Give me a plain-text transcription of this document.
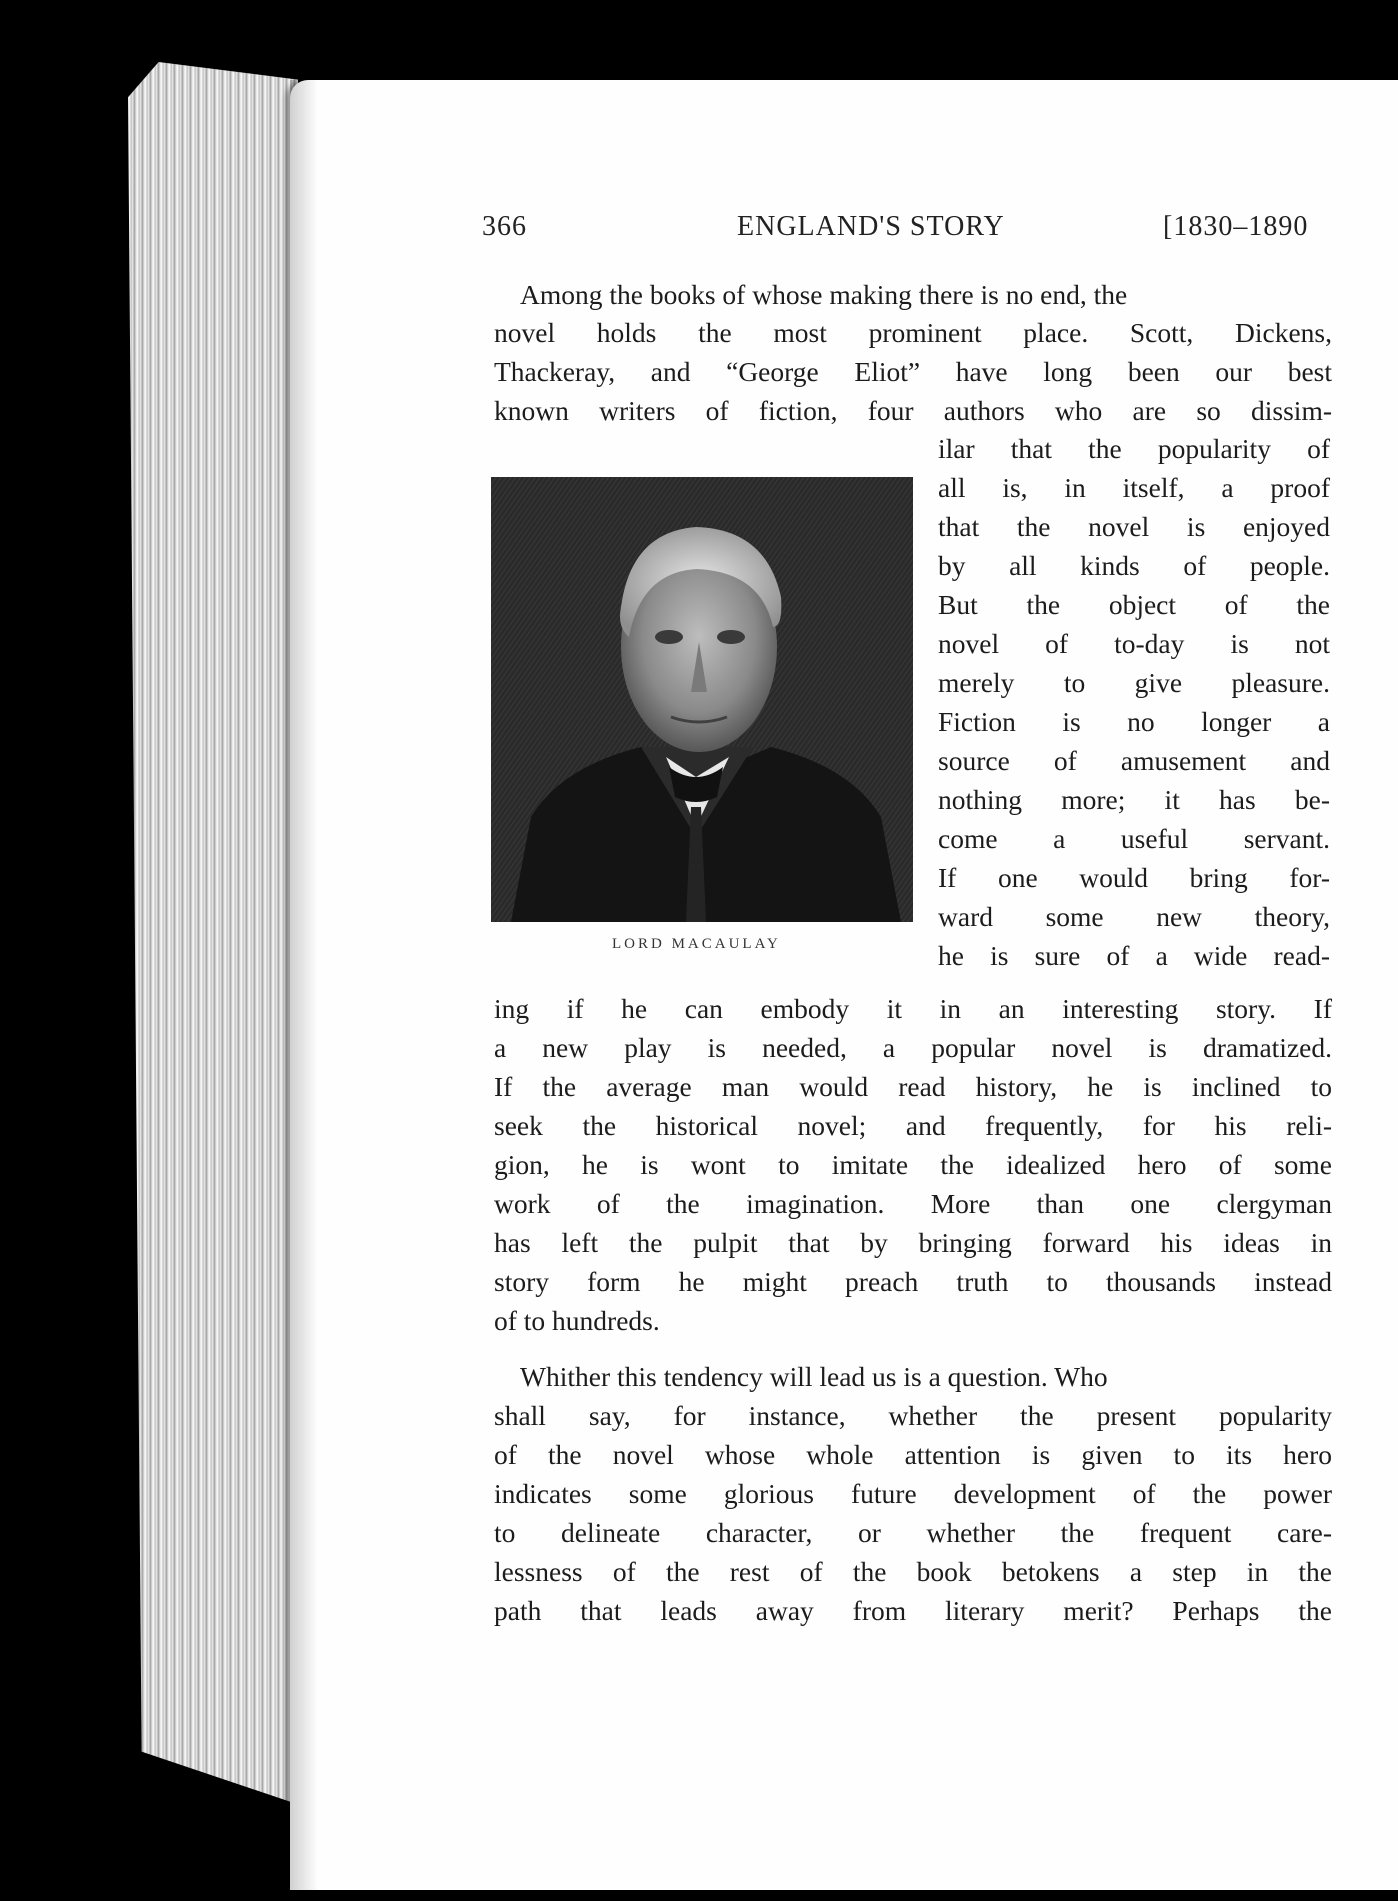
366	ENGLAND'S STORY	[1830–1890

Among the books of whose making there is no end, the

novel holds the most prominent place. Scott, Dickens,

Thackeray, and “George Eliot” have long been our best

known writers of fiction, four authors who are so dissim-

ilar that the popularity of

all is, in itself, a proof

that the novel is enjoyed

by all kinds of people.

But the object of the

novel of to-day is not

merely to give pleasure.

Fiction is no longer a

source of amusement and

nothing more; it has be-

come a useful servant.

If one would bring for-

ward some new theory,

he is sure of a wide read-

ing if he can embody it in an interesting story. If

a new play is needed, a popular novel is dramatized.

If the average man would read history, he is inclined to

seek the historical novel; and frequently, for his reli-

gion, he is wont to imitate the idealized hero of some

work of the imagination. More than one clergyman

has left the pulpit that by bringing forward his ideas in

story form he might preach truth to thousands instead

of to hundreds.

Whither this tendency will lead us is a question. Who

shall say, for instance, whether the present popularity

of the novel whose whole attention is given to its hero

indicates some glorious future development of the power

to delineate character, or whether the frequent care-

lessness of the rest of the book betokens a step in the

path that leads away from literary merit? Perhaps the

LORD MACAULAY
